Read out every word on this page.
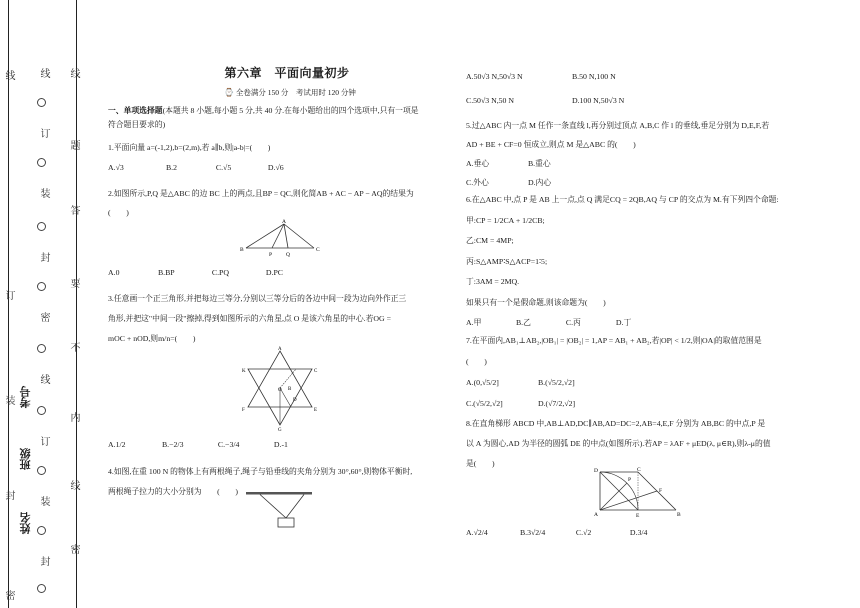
线
订
装
封
密
线
订
装
封
密
线
订
装
封
线
题
答
要
不
内
线
密
考号
班级
姓名
第六章　平面向量初步
⌚ 全卷满分 150 分　考试用时 120 分钟
一、单项选择题(本题共 8 小题,每小题 5 分,共 40 分.在每小题给出的四个选项中,只有一项是
符合题目要求的)
1.平面向量 a=(-1,2),b=(2,m),若 a∥b,则|a-b|=(　　)
A.√3	B.2	C.√5	D.√6
2.如图所示,P,Q 是△ABC 的边 BC 上的两点,且BP = QC,则化简AB + AC − AP − AQ的结果为
(　　)
A
B
P	Q
C
A.0	B.BP	C.PQ	D.PC
3.任意画一个正三角形,并把每边三等分,分别以三等分后的各边中间一段为边向外作正三
角形,并把这"中间一段"擦掉,得到如图所示的六角星,点 O 是该六角星的中心.若OG =
mOC + nOD,则m/n=(　　)
A
K	C
F	E
O B
G
D
A.1/2	B.−2/3	C.−3/4	D.-1
4.如图,在重 100 N 的物体上有两根绳子,绳子与铅垂线的夹角分别为 30°,60°,则物体平衡时,
两根绳子拉力的大小分别为　　(　　)
A.50√3 N,50√3 N	B.50 N,100 N
C.50√3 N,50 N	D.100 N,50√3 N
5.过△ABC 内一点 M 任作一条直线 l,再分别过顶点 A,B,C 作 l 的垂线,垂足分别为 D,E,F,若
AD + BE + CF=0 恒成立,则点 M 是△ABC 的(　　)
A.垂心	B.重心
C.外心	D.内心
6.在△ABC 中,点 P 是 AB 上一点,点 Q 满足CQ = 2QB,AQ 与 CP 的交点为 M.有下列四个命题:
甲:CP = 1/2CA + 1/2CB;
乙:CM = 4MP;
丙:S△AMP∶S△ACP=1∶5;
丁:3AM = 2MQ.
如果只有一个是假命题,则该命题为(　　)
A.甲	B.乙	C.丙	D.丁
7.在平面内,AB₁⊥AB₂,|OB₁| = |OB₂| = 1,AP = AB₁ + AB₂,若|OP| < 1/2,则|OA|的取值范围是
(　　)
A.(0,√5/2]	B.(√5/2,√2]
C.(√5/2,√2]	D.(√7/2,√2]
8.在直角梯形 ABCD 中,AB⊥AD,DC∥AB,AD=DC=2,AB=4,E,F 分别为 AB,BC 的中点,P 是
以 A 为圆心,AD 为半径的圆弧 DE 的中点(如图所示).若AP = λAF + μED(λ, μ∈R),则λ-μ的值
是(　　)
D	C
P
F
A	E	B
A.√2/4	B.3√2/4	C.√2	D.3/4
